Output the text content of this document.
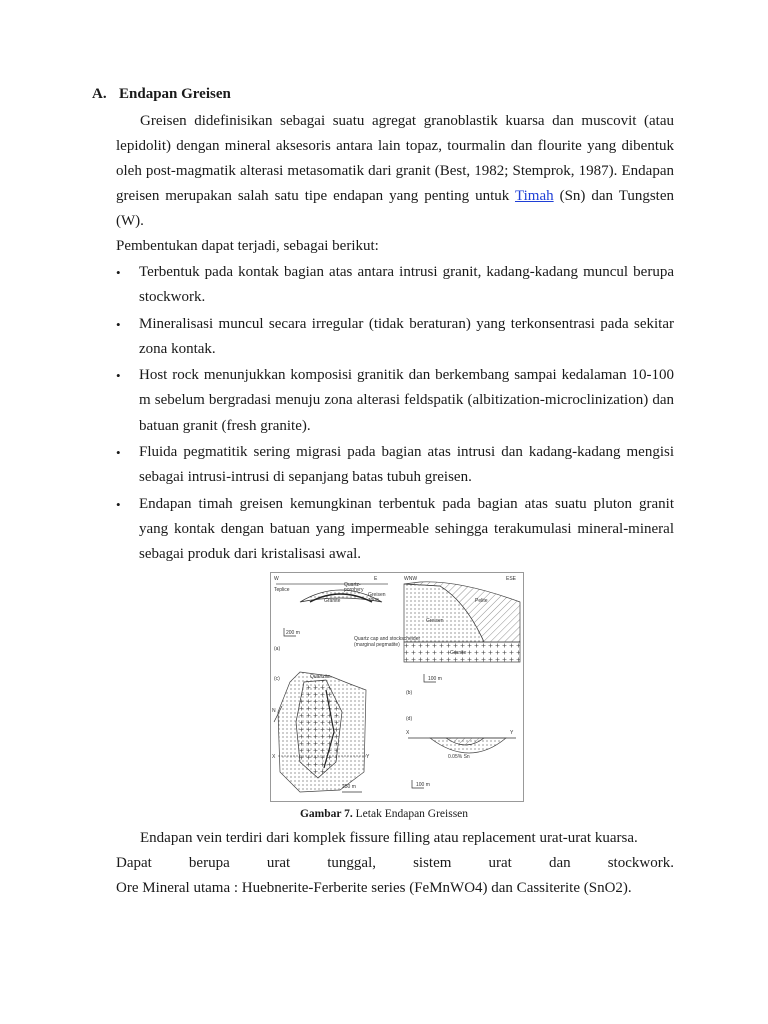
A. Endapan Greisen

Greisen didefinisikan sebagai suatu agregat granoblastik kuarsa dan muscovit (atau lepidolit) dengan mineral aksesoris antara lain topaz, tourmalin dan flourite yang dibentuk oleh post-magmatik alterasi metasomatik dari granit (Best, 1982; Stemprok, 1987). Endapan greisen merupakan salah satu tipe endapan yang penting untuk Timah (Sn) dan Tungsten (W).

Pembentukan dapat terjadi, sebagai berikut:

• Terbentuk pada kontak bagian atas antara intrusi granit, kadang-kadang muncul berupa stockwork.
• Mineralisasi muncul secara irregular (tidak beraturan) yang terkonsentrasi pada sekitar zona kontak.
• Host rock menunjukkan komposisi granitik dan berkembang sampai kedalaman 10-100 m sebelum bergradasi menuju zona alterasi feldspatik (albitization-microclinization) dan batuan granit (fresh granite).
• Fluida pegmatitik sering migrasi pada bagian atas intrusi dan kadang-kadang mengisi sebagai intrusi-intrusi di sepanjang batas tubuh greisen.
• Endapan timah greisen kemungkinan terbentuk pada bagian atas suatu pluton granit yang kontak dengan batuan yang impermeable sehingga terakumulasi mineral-mineral sebagai produk dari kristalisasi awal.
W	E
Teplice
Quartz-
porphyry
Granite
Greisen
zone
200 m
(a)
WNW	ESE
Pelite
Greisen
Granite
Quartz cap and stockscheider
(marginal pegmatite)
100 m
(b)
(c)	Quartzite
N
X	Y
250 m
(d)
X	Y
0.05% Sn
100 m
Gambar 7. Letak Endapan Greissen
Endapan vein terdiri dari komplek fissure filling atau replacement urat-urat kuarsa.
Dapat berupa urat tunggal, sistem urat dan stockwork.
Ore Mineral utama : Huebnerite-Ferberite series (FeMnWO4) dan Cassiterite (SnO2).
